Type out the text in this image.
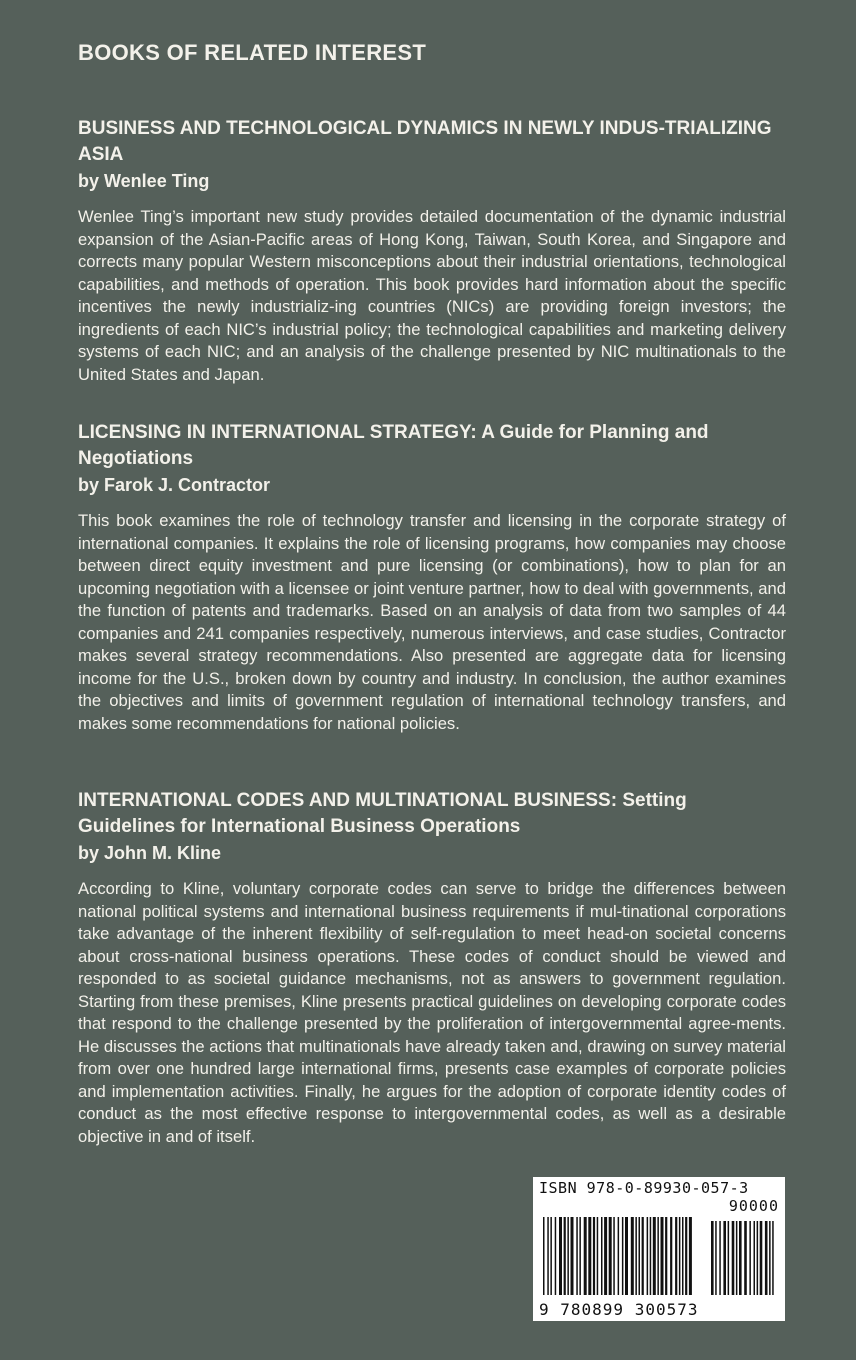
BOOKS OF RELATED INTEREST

BUSINESS AND TECHNOLOGICAL DYNAMICS IN NEWLY INDUS-TRIALIZING ASIA

by Wenlee Ting

Wenlee Ting’s important new study provides detailed documentation of the dynamic industrial expansion of the Asian-Pacific areas of Hong Kong, Taiwan, South Korea, and Singapore and corrects many popular Western misconceptions about their industrial orientations, technological capabilities, and methods of operation. This book provides hard information about the specific incentives the newly industrializ-ing countries (NICs) are providing foreign investors; the ingredients of each NIC’s industrial policy; the technological capabilities and marketing delivery systems of each NIC; and an analysis of the challenge presented by NIC multinationals to the United States and Japan.

LICENSING IN INTERNATIONAL STRATEGY: A Guide for Planning and Negotiations

by Farok J. Contractor

This book examines the role of technology transfer and licensing in the corporate strategy of international companies. It explains the role of licensing programs, how companies may choose between direct equity investment and pure licensing (or combinations), how to plan for an upcoming negotiation with a licensee or joint venture partner, how to deal with governments, and the function of patents and trademarks. Based on an analysis of data from two samples of 44 companies and 241 companies respectively, numerous interviews, and case studies, Contractor makes several strategy recommendations. Also presented are aggregate data for licensing income for the U.S., broken down by country and industry. In conclusion, the author examines the objectives and limits of government regulation of international technology transfers, and makes some recommendations for national policies.

INTERNATIONAL CODES AND MULTINATIONAL BUSINESS: Setting Guidelines for International Business Operations

by John M. Kline

According to Kline, voluntary corporate codes can serve to bridge the differences between national political systems and international business requirements if mul-tinational corporations take advantage of the inherent flexibility of self-regulation to meet head-on societal concerns about cross-national business operations. These codes of conduct should be viewed and responded to as societal guidance mechanisms, not as answers to government regulation. Starting from these premises, Kline presents practical guidelines on developing corporate codes that respond to the challenge presented by the proliferation of intergovernmental agree-ments. He discusses the actions that multinationals have already taken and, drawing on survey material from over one hundred large international firms, presents case examples of corporate policies and implementation activities. Finally, he argues for the adoption of corporate identity codes of conduct as the most effective response to intergovernmental codes, as well as a desirable objective in and of itself.

ISBN 978-0-89930-057-3
90000
9 780899 300573
